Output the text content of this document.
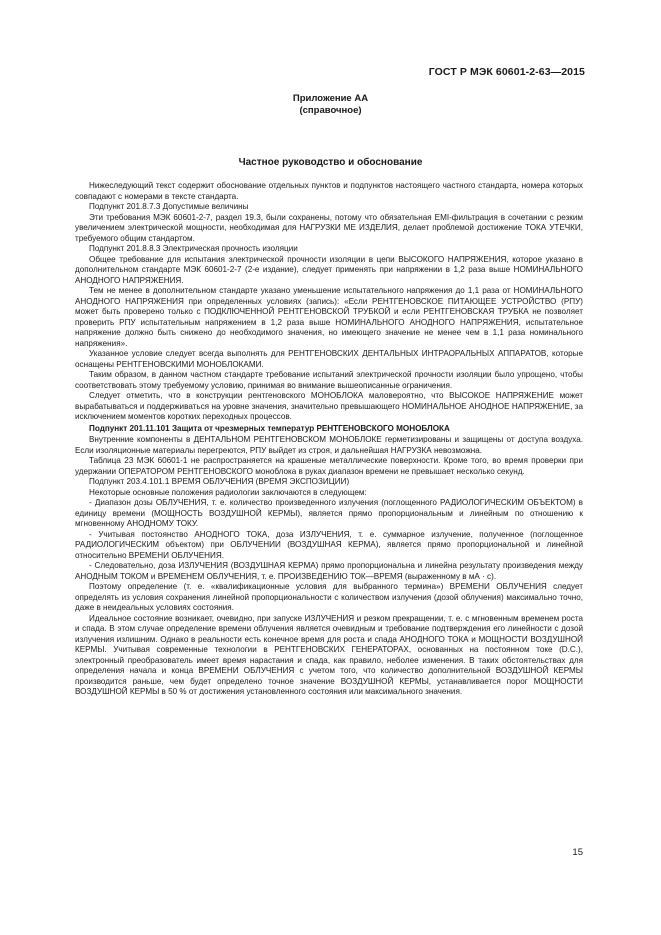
ГОСТ Р МЭК 60601-2-63—2015
Приложение АА
(справочное)
Частное руководство и обоснование

Нижеследующий текст содержит обоснование отдельных пунктов и подпунктов настоящего частного стандарта, номера которых совпадают с номерами в тексте стандарта.

Подпункт 201.8.7.3 Допустимые величины

Эти требования МЭК 60601-2-7, раздел 19.3, были сохранены, потому что обязательная EMI-фильтрация в сочетании с резким увеличением электрической мощности, необходимая для НАГРУЗКИ МЕ ИЗДЕЛИЯ, делает проблемой достижение ТОКА УТЕЧКИ, требуемого общим стандартом.

Подпункт 201.8.8.3 Электрическая прочность изоляции

Общее требование для испытания электрической прочности изоляции в цепи ВЫСОКОГО НАПРЯЖЕНИЯ, которое указано в дополнительном стандарте МЭК 60601-2-7 (2-е издание), следует применять при напряжении в 1,2 раза выше НОМИНАЛЬНОГО АНОДНОГО НАПРЯЖЕНИЯ.

Тем не менее в дополнительном стандарте указано уменьшение испытательного напряжения до 1,1 раза от НОМИНАЛЬНОГО АНОДНОГО НАПРЯЖЕНИЯ при определенных условиях (запись): «Если РЕНТГЕНОВСКОЕ ПИТАЮЩЕЕ УСТРОЙСТВО (РПУ) может быть проверено только с ПОДКЛЮЧЕННОЙ РЕНТГЕНОВСКОЙ ТРУБКОЙ и если РЕНТГЕНОВСКАЯ ТРУБКА не позволяет проверить РПУ испытательным напряжением в 1,2 раза выше НОМИНАЛЬНОГО АНОДНОГО НАПРЯЖЕНИЯ, испытательное напряжение должно быть снижено до необходимого значения, но имеющего значение не менее чем в 1,1 раза номинального напряжения».

Указанное условие следует всегда выполнять для РЕНТГЕНОВСКИХ ДЕНТАЛЬНЫХ ИНТРАОРАЛЬНЫХ АППАРАТОВ, которые оснащены РЕНТГЕНОВСКИМИ МОНОБЛОКАМИ.

Таким образом, в данном частном стандарте требование испытаний электрической прочности изоляции было упрощено, чтобы соответствовать этому требуемому условию, принимая во внимание вышеописанные ограничения.

Следует отметить, что в конструкции рентгеновского МОНОБЛОКА маловероятно, что ВЫСОКОЕ НАПРЯЖЕНИЕ может вырабатываться и поддерживаться на уровне значения, значительно превышающего НОМИНАЛЬНОЕ АНОДНОЕ НАПРЯЖЕНИЕ, за исключением моментов коротких переходных процессов.

Подпункт 201.11.101 Защита от чрезмерных температур РЕНТГЕНОВСКОГО МОНОБЛОКА

Внутренние компоненты в ДЕНТАЛЬНОМ РЕНТГЕНОВСКОМ МОНОБЛОКЕ герметизированы и защищены от доступа воздуха. Если изоляционные материалы перегреются, РПУ выйдет из строя, и дальнейшая НАГРУЗКА невозможна.

Таблица 23 МЭК 60601-1 не распространяется на крашеные металлические поверхности. Кроме того, во время проверки при удержании ОПЕРАТОРОМ РЕНТГЕНОВСКОГО моноблока в руках диапазон времени не превышает несколько секунд.

Подпункт 203.4.101.1 ВРЕМЯ ОБЛУЧЕНИЯ (ВРЕМЯ ЭКСПОЗИЦИИ)

Некоторые основные положения радиологии заключаются в следующем:

- Диапазон дозы ОБЛУЧЕНИЯ, т. е. количество произведенного излучения (поглощенного РАДИОЛОГИЧЕСКИМ ОБЪЕКТОМ) в единицу времени (МОЩНОСТЬ ВОЗДУШНОЙ КЕРМЫ), является прямо пропорциональным и линейным по отношению к мгновенному АНОДНОМУ ТОКУ.

- Учитывая постоянство АНОДНОГО ТОКА, доза ИЗЛУЧЕНИЯ, т. е. суммарное излучение, полученное (поглощенное РАДИОЛОГИЧЕСКИМ объектом) при ОБЛУЧЕНИИ (ВОЗДУШНАЯ КЕРМА), является прямо пропорциональной и линейной относительно ВРЕМЕНИ ОБЛУЧЕНИЯ.

- Следовательно, доза ИЗЛУЧЕНИЯ (ВОЗДУШНАЯ КЕРМА) прямо пропорциональна и линейна результату произведения между АНОДНЫМ ТОКОМ и ВРЕМЕНЕМ ОБЛУЧЕНИЯ, т. е. ПРОИЗВЕДЕНИЮ ТОК—ВРЕМЯ (выраженному в мА · с).

Поэтому определение (т. е. «квалификационные условия для выбранного термина») ВРЕМЕНИ ОБЛУЧЕНИЯ следует определять из условия сохранения линейной пропорциональности с количеством излучения (дозой облучения) максимально точно, даже в неидеальных условиях состояния.

Идеальное состояние возникает, очевидно, при запуске ИЗЛУЧЕНИЯ и резком прекращении, т. е. с мгновенным временем роста и спада. В этом случае определение времени облучения является очевидным и требование подтверждения его линейности с дозой излучения излишним. Однако в реальности есть конечное время для роста и спада АНОДНОГО ТОКА и МОЩНОСТИ ВОЗДУШНОЙ КЕРМЫ. Учитывая современные технологии в РЕНТГЕНОВСКИХ ГЕНЕРАТОРАХ, основанных на постоянном токе (D.C.), электронный преобразователь имеет время нарастания и спада, как правило, неболее изменения. В таких обстоятельствах для определения начала и конца ВРЕМЕНИ ОБЛУЧЕНИЯ с учетом того, что количество дополнительной ВОЗДУШНОЙ КЕРМЫ производится раньше, чем будет определено точное значение ВОЗДУШНОЙ КЕРМЫ, устанавливается порог МОЩНОСТИ ВОЗДУШНОЙ КЕРМЫ в 50 % от достижения установленного состояния или максимального значения.

15
